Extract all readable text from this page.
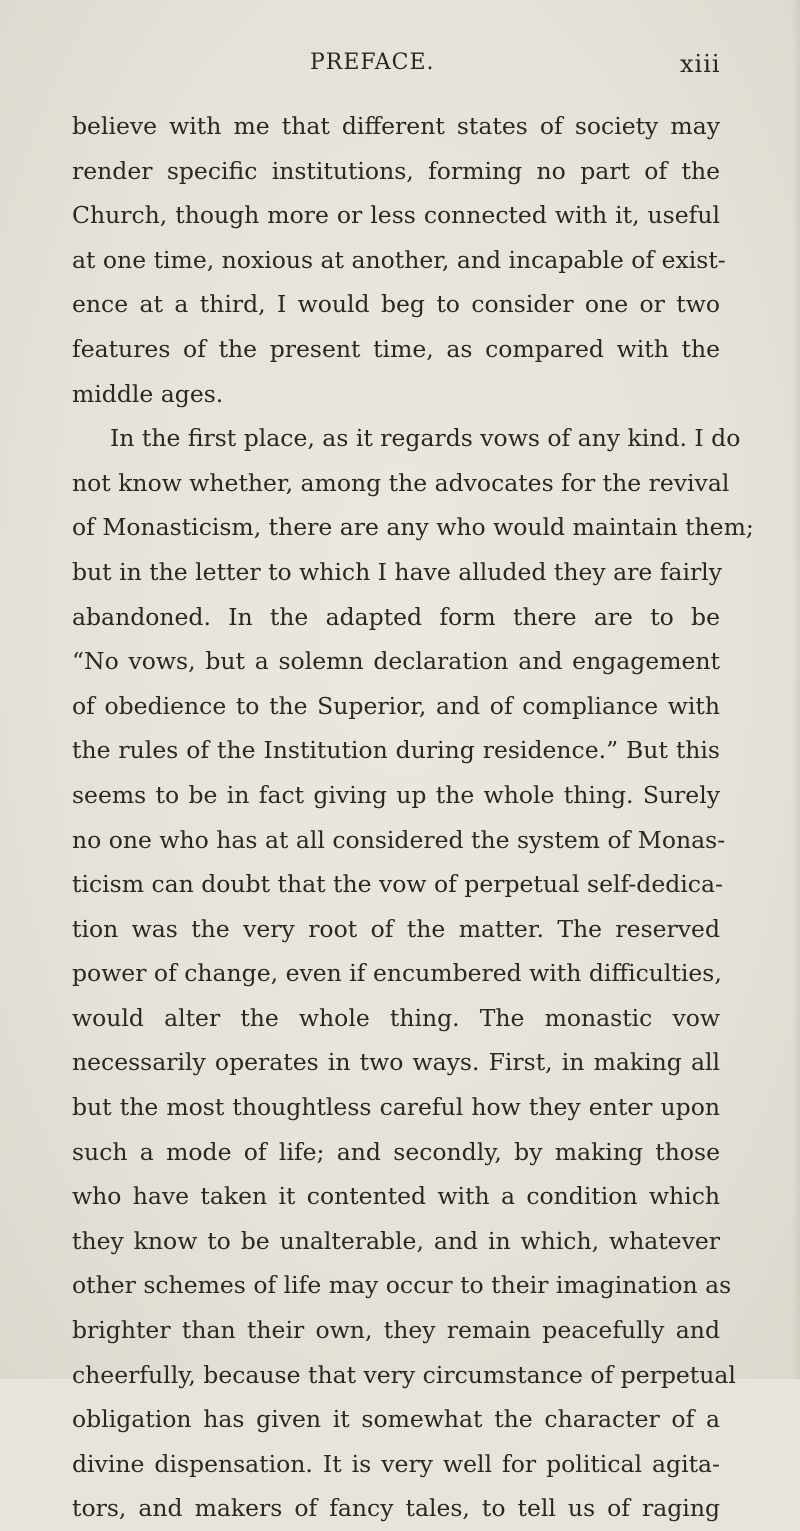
PREFACE.	xiii
believe with me that different states of society may
render specific institutions, forming no part of the
Church, though more or less connected with it, useful
at one time, noxious at another, and incapable of exist-
ence at a third, I would beg to consider one or two
features of the present time, as compared with the
middle ages.
In the first place, as it regards vows of any kind. I do
not know whether, among the advocates for the revival
of Monasticism, there are any who would maintain them;
but in the letter to which I have alluded they are fairly
abandoned. In the adapted form there are to be
“No vows, but a solemn declaration and engagement
of obedience to the Superior, and of compliance with
the rules of the Institution during residence.” But this
seems to be in fact giving up the whole thing. Surely
no one who has at all considered the system of Monas-
ticism can doubt that the vow of perpetual self-dedica-
tion was the very root of the matter. The reserved
power of change, even if encumbered with difficulties,
would alter the whole thing. The monastic vow
necessarily operates in two ways. First, in making all
but the most thoughtless careful how they enter upon
such a mode of life; and secondly, by making those
who have taken it contented with a condition which
they know to be unalterable, and in which, whatever
other schemes of life may occur to their imagination as
brighter than their own, they remain peacefully and
cheerfully, because that very circumstance of perpetual
obligation has given it somewhat the character of a
divine dispensation. It is very well for political agita-
tors, and makers of fancy tales, to tell us of raging
